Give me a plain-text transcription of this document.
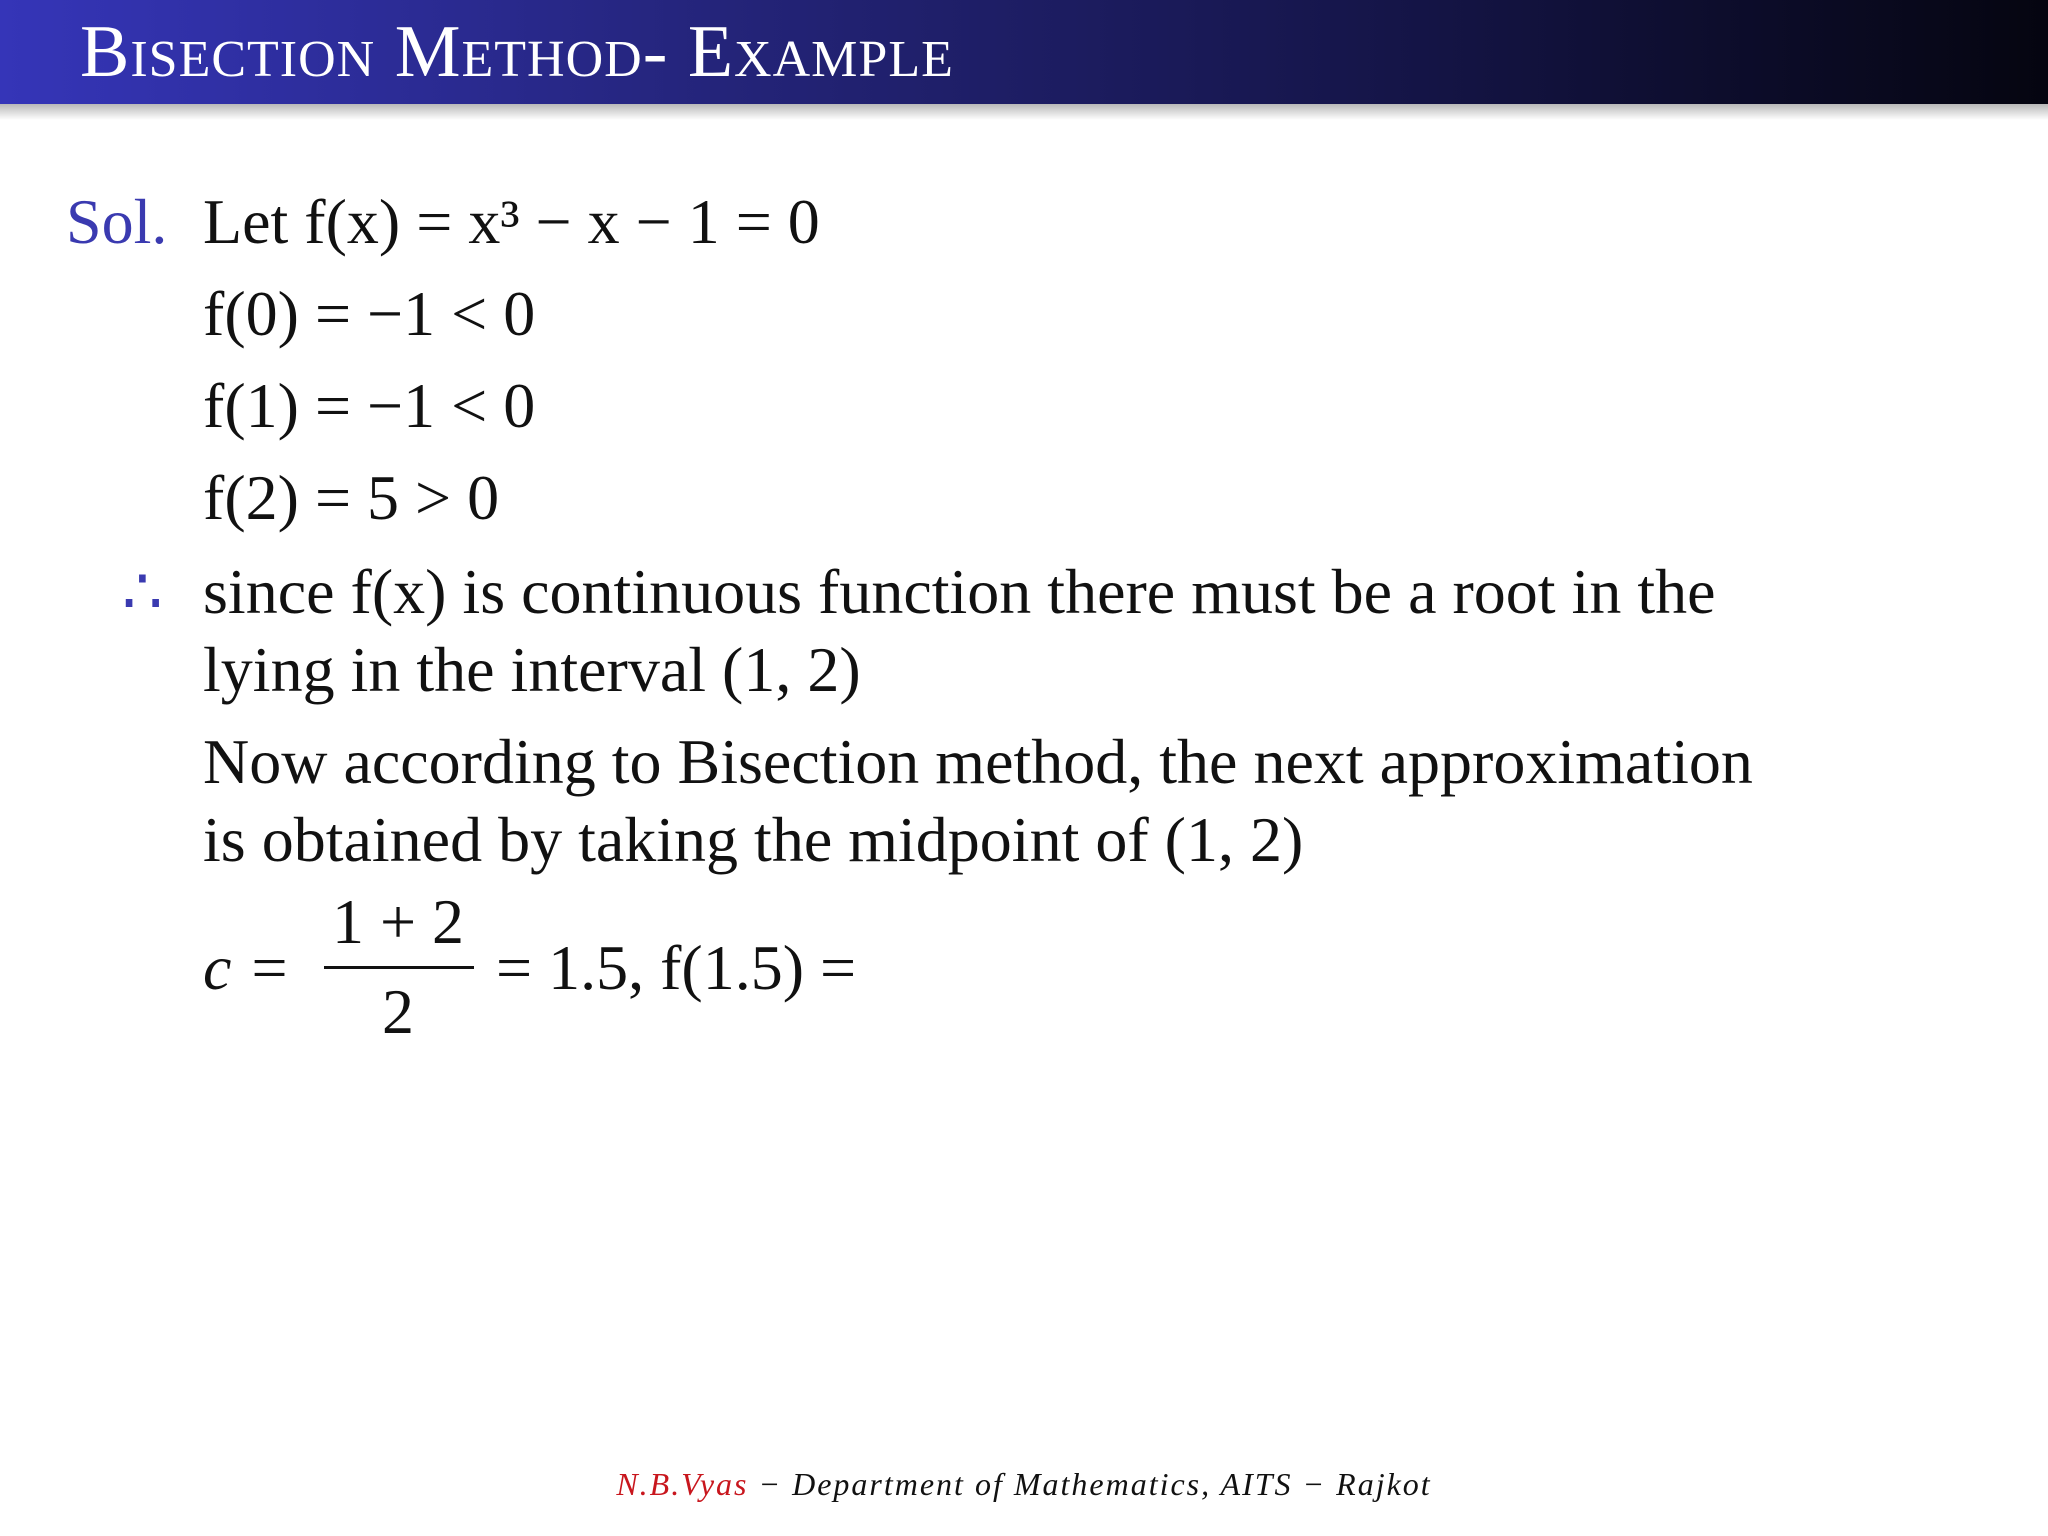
Bisection Method- Example
Sol. Let f(x) = x³ − x − 1 = 0
f(0) = −1 < 0
f(1) = −1 < 0
f(2) = 5 > 0
∴ since f(x) is continuous function there must be a root in the
lying in the interval (1, 2)
Now according to Bisection method, the next approximation
is obtained by taking the midpoint of (1, 2)
c =
1 + 2
2
= 1.5, f(1.5) =
N.B.Vyas − Department of Mathematics, AITS − Rajkot
